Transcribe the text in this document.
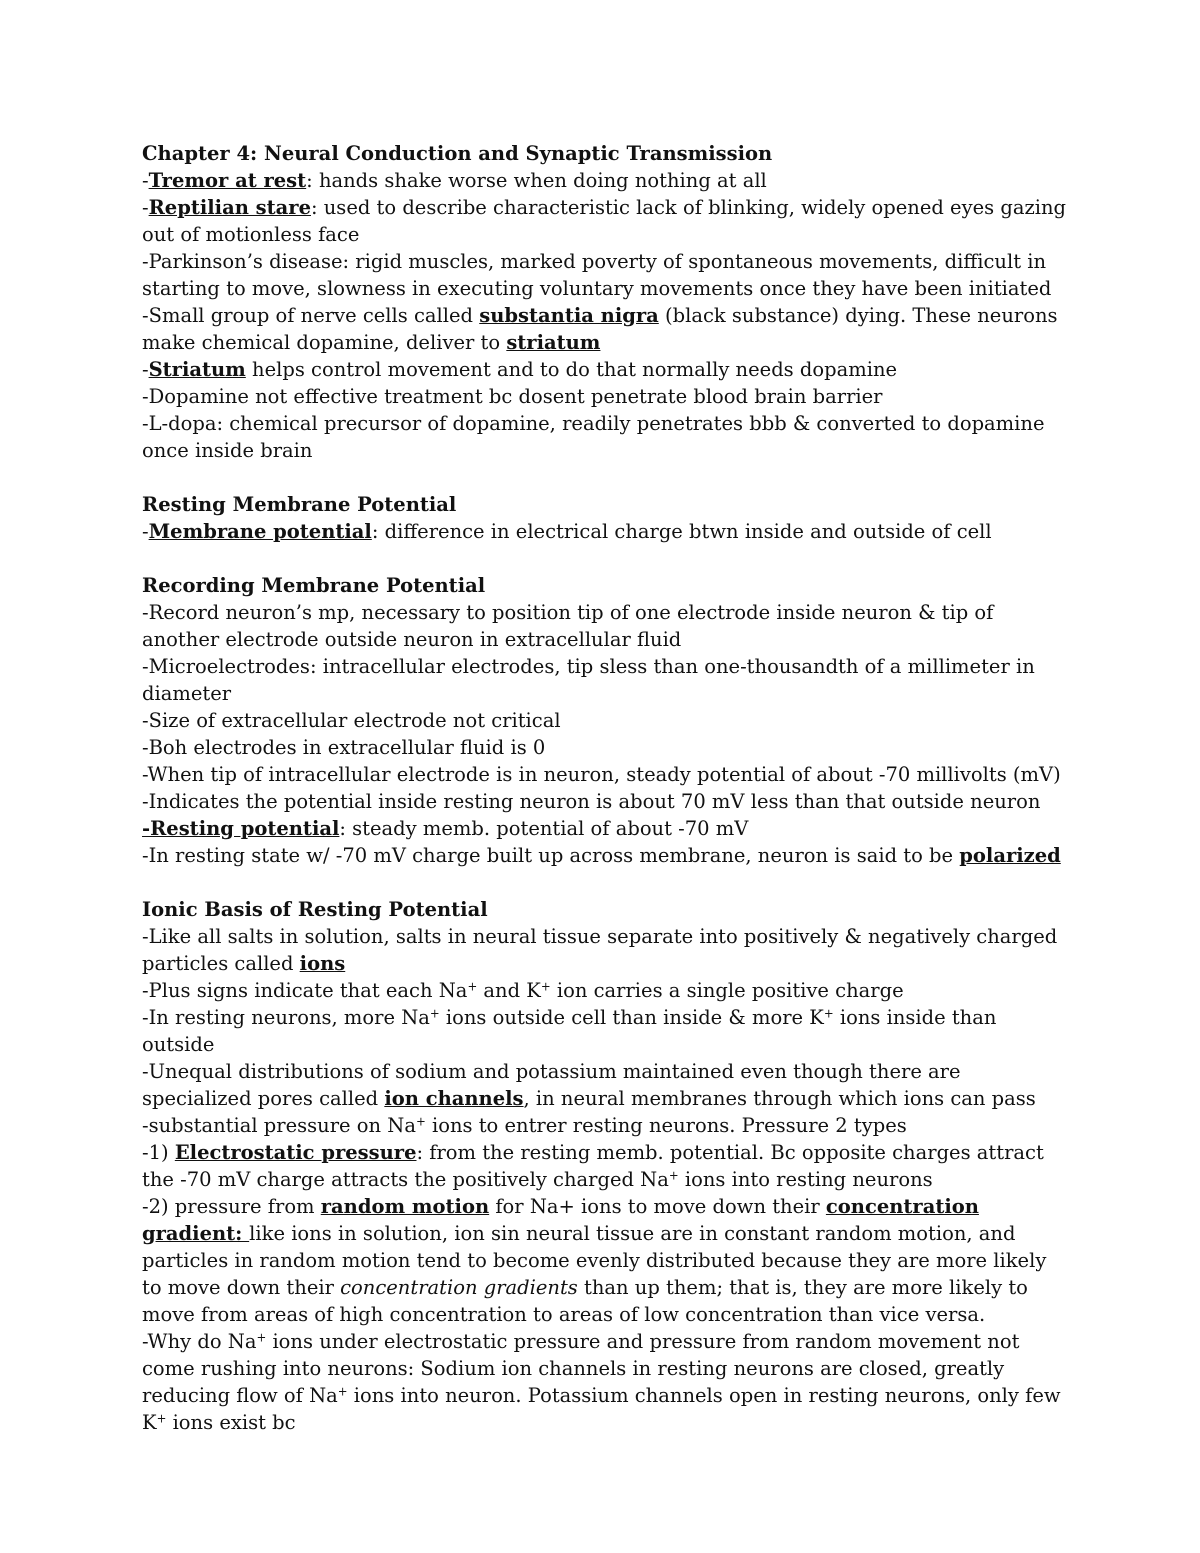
Chapter 4: Neural Conduction and Synaptic Transmission

-Tremor at rest: hands shake worse when doing nothing at all

-Reptilian stare: used to describe characteristic lack of blinking, widely opened eyes gazing out of motionless face

-Parkinson’s disease: rigid muscles, marked poverty of spontaneous movements, difficult in starting to move, slowness in executing voluntary movements once they have been initiated

-Small group of nerve cells called substantia nigra (black substance) dying. These neurons make chemical dopamine, deliver to striatum

-Striatum helps control movement and to do that normally needs dopamine

-Dopamine not effective treatment bc dosent penetrate blood brain barrier

-L-dopa: chemical precursor of dopamine, readily penetrates bbb & converted to dopamine once inside brain

Resting Membrane Potential

-Membrane potential: difference in electrical charge btwn inside and outside of cell

Recording Membrane Potential

-Record neuron’s mp, necessary to position tip of one electrode inside neuron & tip of another electrode outside neuron in extracellular fluid

-Microelectrodes: intracellular electrodes, tip sless than one-thousandth of a millimeter in diameter

-Size of extracellular electrode not critical

-Boh electrodes in extracellular fluid is 0

-When tip of intracellular electrode is in neuron, steady potential of about -70 millivolts (mV)

-Indicates the potential inside resting neuron is about 70 mV less than that outside neuron

-Resting potential: steady memb. potential of about -70 mV

-In resting state w/ -70 mV charge built up across membrane, neuron is said to be polarized

Ionic Basis of Resting Potential

-Like all salts in solution, salts in neural tissue separate into positively & negatively charged particles called ions

-Plus signs indicate that each Na+ and K+ ion carries a single positive charge

-In resting neurons, more Na+ ions outside cell than inside & more K+ ions inside than outside

-Unequal distributions of sodium and potassium maintained even though there are specialized pores called ion channels, in neural membranes through which ions can pass

-substantial pressure on Na+ ions to entrer resting neurons. Pressure 2 types

-1) Electrostatic pressure: from the resting memb. potential. Bc opposite charges attract the -70 mV charge attracts the positively charged Na+ ions into resting neurons

-2) pressure from random motion for Na+ ions to move down their concentration gradient: like ions in solution, ion sin neural tissue are in constant random motion, and particles in random motion tend to become evenly distributed because they are more likely to move down their concentration gradients than up them; that is, they are more likely to move from areas of high concentration to areas of low concentration than vice versa.

-Why do Na+ ions under electrostatic pressure and pressure from random movement not come rushing into neurons: Sodium ion channels in resting neurons are closed, greatly reducing flow of Na+ ions into neuron. Potassium channels open in resting neurons, only few K+ ions exist bc
